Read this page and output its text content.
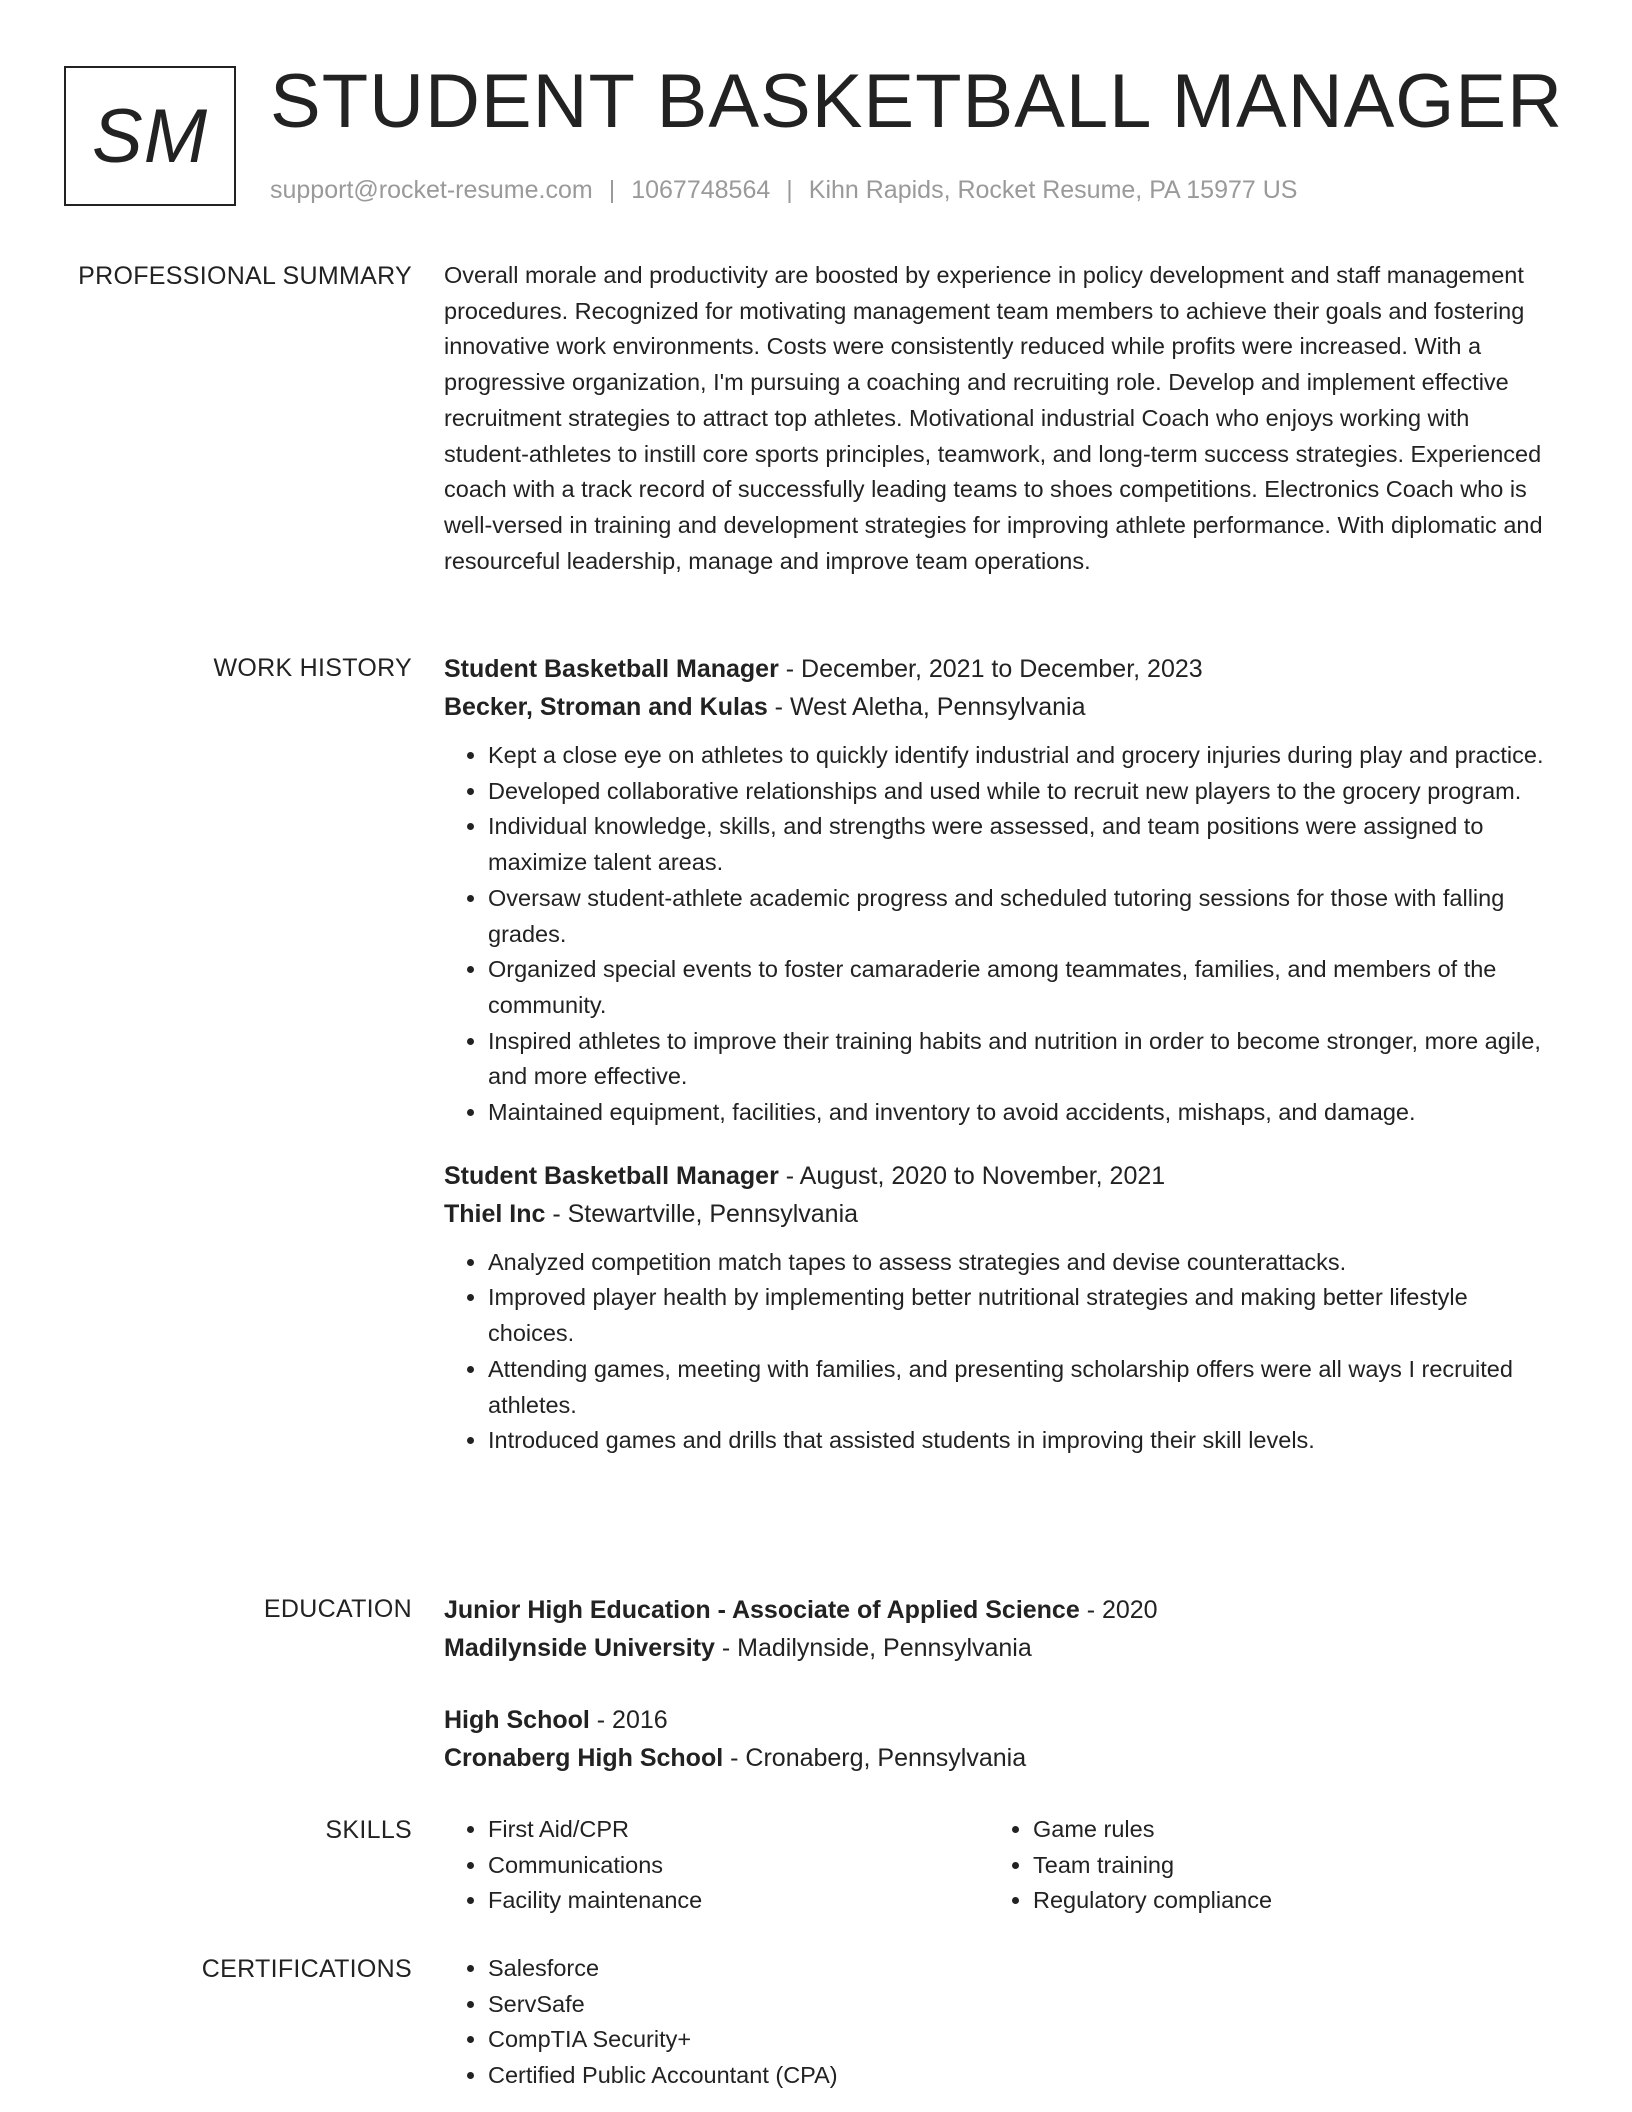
SM STUDENT BASKETBALL MANAGER
support@rocket-resume.com | 1067748564 | Kihn Rapids, Rocket Resume, PA 15977 US
PROFESSIONAL SUMMARY Overall morale and productivity are boosted by experience in policy development and staff management procedures. Recognized for motivating management team members to achieve their goals and fostering innovative work environments. Costs were consistently reduced while profits were increased. With a progressive organization, I'm pursuing a coaching and recruiting role. Develop and implement effective recruitment strategies to attract top athletes. Motivational industrial Coach who enjoys working with student-athletes to instill core sports principles, teamwork, and long-term success strategies. Experienced coach with a track record of successfully leading teams to shoes competitions. Electronics Coach who is well-versed in training and development strategies for improving athlete performance. With diplomatic and resourceful leadership, manage and improve team operations.

WORK HISTORY Student Basketball Manager - December, 2021 to December, 2023
Becker, Stroman and Kulas - West Aletha, Pennsylvania
• Kept a close eye on athletes to quickly identify industrial and grocery injuries during play and practice.
• Developed collaborative relationships and used while to recruit new players to the grocery program.
• Individual knowledge, skills, and strengths were assessed, and team positions were assigned to maximize talent areas.
• Oversaw student-athlete academic progress and scheduled tutoring sessions for those with falling grades.
• Organized special events to foster camaraderie among teammates, families, and members of the community.
• Inspired athletes to improve their training habits and nutrition in order to become stronger, more agile, and more effective.
• Maintained equipment, facilities, and inventory to avoid accidents, mishaps, and damage.
Student Basketball Manager - August, 2020 to November, 2021
Thiel Inc - Stewartville, Pennsylvania
• Analyzed competition match tapes to assess strategies and devise counterattacks.
• Improved player health by implementing better nutritional strategies and making better lifestyle choices.
• Attending games, meeting with families, and presenting scholarship offers were all ways I recruited athletes.
• Introduced games and drills that assisted students in improving their skill levels.
EDUCATION Junior High Education - Associate of Applied Science - 2020
Madilynside University - Madilynside, Pennsylvania
High School - 2016
Cronaberg High School - Cronaberg, Pennsylvania
SKILLS	• First Aid/CPR
• Communications
• Facility maintenance
• Game rules
• Team training
• Regulatory compliance
CERTIFICATIONS	• Salesforce
• ServSafe
• CompTIA Security+
• Certified Public Accountant (CPA)
